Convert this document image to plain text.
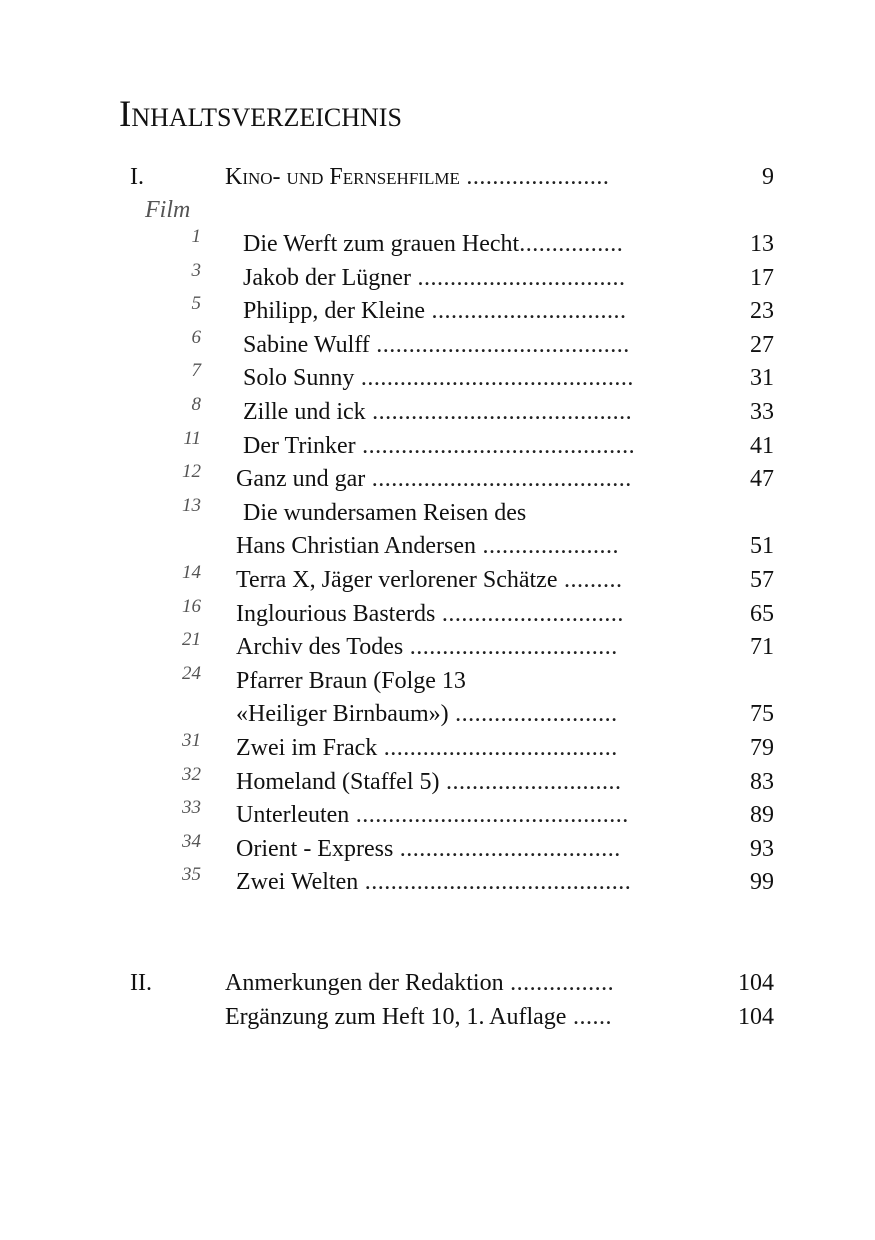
Inhaltsverzeichnis
I.	Kino- und Fernsehfilme ......................	9
Film
1 Die Werft zum grauen Hecht................	13
3 Jakob der Lügner ................................	17
5 Philipp, der Kleine ..............................	23
6 Sabine Wulff .......................................	27
7 Solo Sunny ..........................................	31
8 Zille und ick ........................................	33
11 Der Trinker ..........................................	41
12 Ganz und gar ........................................	47
13 Die wundersamen Reisen des
Hans Christian Andersen .....................	51
14 Terra X, Jäger verlorener Schätze .........	57
16 Inglourious Basterds ............................	65
21 Archiv des Todes ................................	71
24 Pfarrer Braun (Folge 13
«Heiliger Birnbaum») .........................	75
31 Zwei im Frack ....................................	79
32 Homeland (Staffel 5) ...........................	83
33 Unterleuten ..........................................	89
34 Orient - Express ..................................	93
35 Zwei Welten .........................................	99
II.	Anmerkungen der Redaktion ................	104
Ergänzung zum Heft 10, 1. Auflage ......	104
